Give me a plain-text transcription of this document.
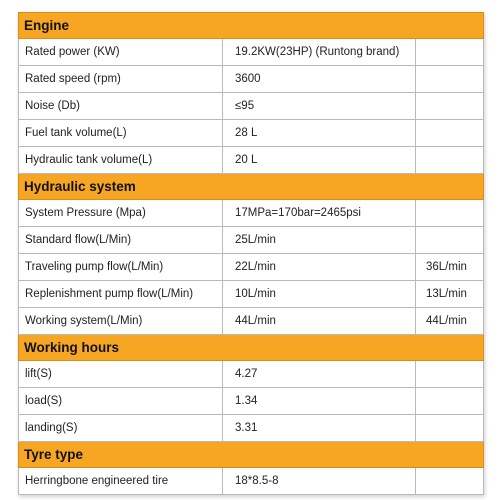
Engine		
Rated power (KW)	19.2KW(23HP) (Runtong brand)	
Rated speed (rpm)	3600	
Noise (Db)	≤95	
Fuel tank volume(L)	28 L	
Hydraulic tank volume(L)	20 L	
Hydraulic system		
System Pressure (Mpa)	17MPa=170bar=2465psi	
Standard flow(L/Min)	25L/min	
Traveling pump flow(L/Min)	22L/min	36L/min
Replenishment pump flow(L/Min)	10L/min	13L/min
Working system(L/Min)	44L/min	44L/min
Working hours		
lift(S)	4.27	
load(S)	1.34	
landing(S)	3.31	
Tyre type		
Herringbone engineered tire	18*8.5-8	
